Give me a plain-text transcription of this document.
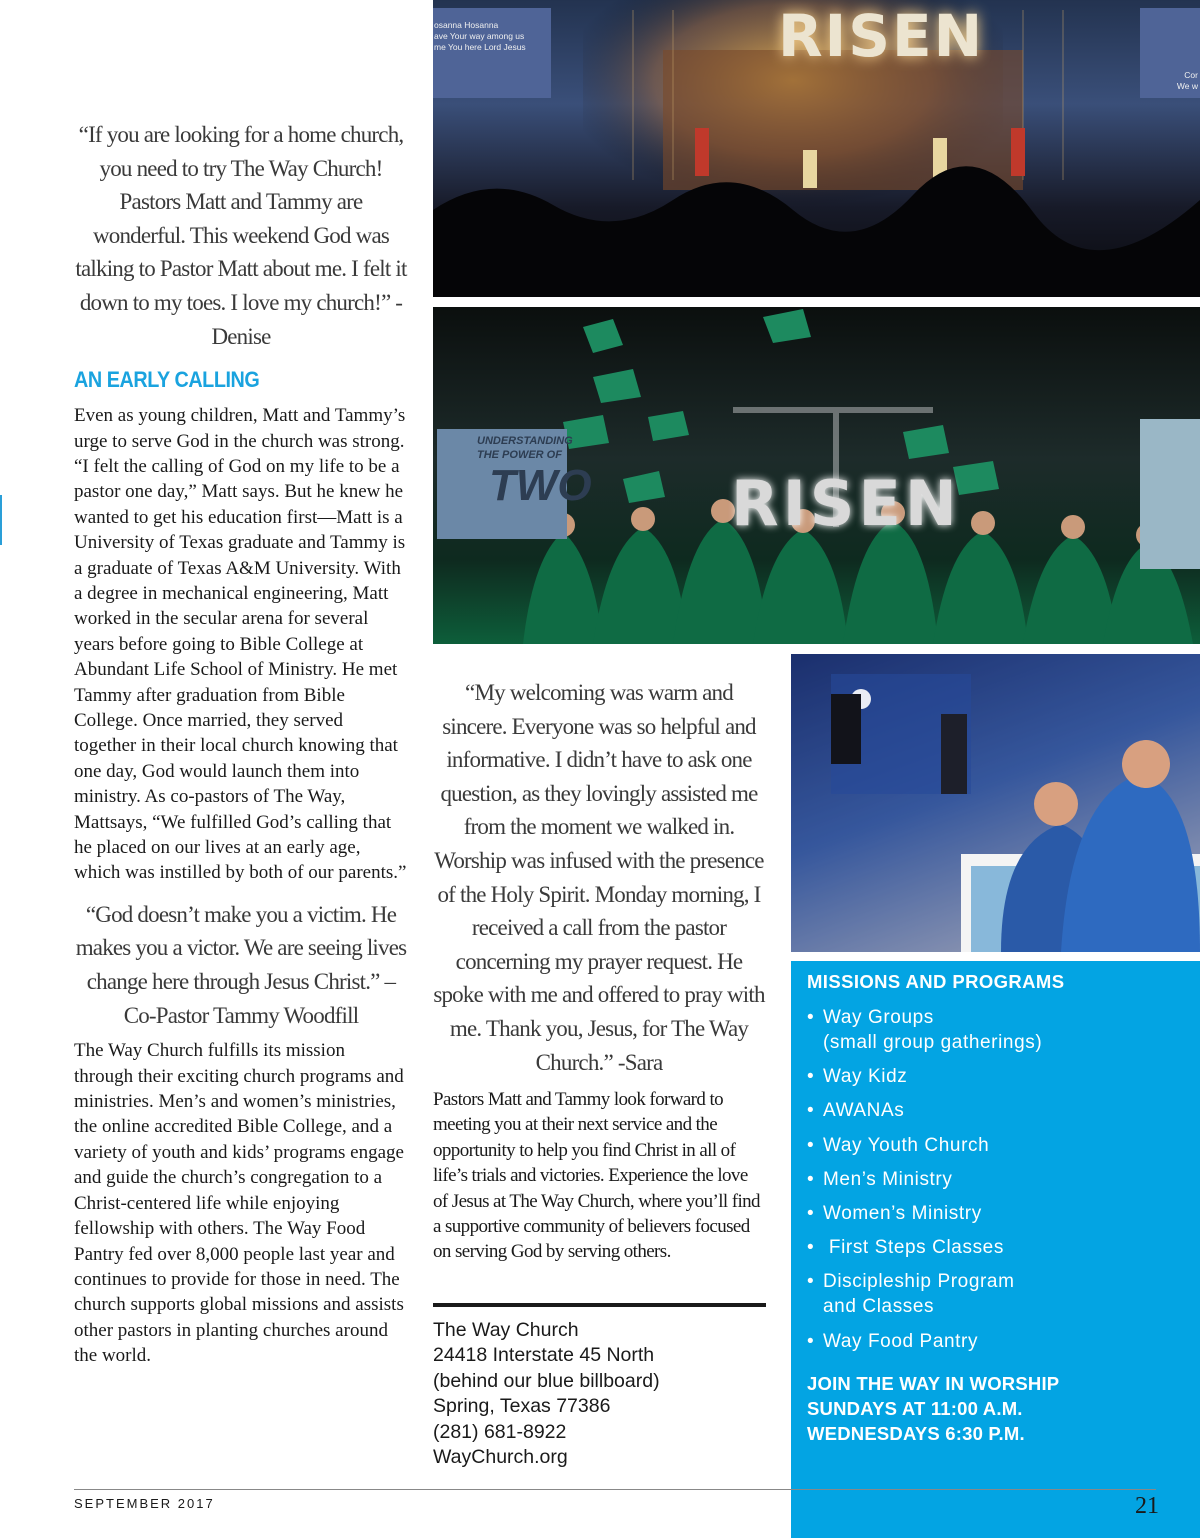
“If you are looking for a home church, you need to try The Way Church! Pastors Matt and Tammy are wonderful. This weekend God was talking to Pastor Matt about me. I felt it down to my toes. I love my church!” - Denise

AN EARLY CALLING

Even as young children, Matt and Tammy’s urge to serve God in the church was strong. “I felt the calling of God on my life to be a pastor one day,” Matt says. But he knew he wanted to get his education first—Matt is a University of Texas graduate and Tammy is a graduate of Texas A&M University. With a degree in mechanical engineering, Matt worked in the secular arena for several years before going to Bible College at Abundant Life School of Ministry. He met Tammy after graduation from Bible College. Once married, they served together in their local church knowing that one day, God would launch them into ministry. As co-pastors of The Way, Mattsays, “We fulfilled God’s calling that he placed on our lives at an early age, which was instilled by both of our parents.”

“God doesn’t make you a victim. He makes you a victor. We are seeing lives change here through Jesus Christ.” – Co-Pastor Tammy Woodfill

The Way Church fulfills its mission through their exciting church programs and ministries. Men’s and women’s ministries, the online accredited Bible College, and a variety of youth and kids’ programs engage and guide the church’s congregation to a Christ-centered life while enjoying fellowship with others. The Way Food Pantry fed over 8,000 people last year and continues to provide for those in need. The church supports global missions and assists other pastors in planting churches around the world.

osanna Hosanna
ave Your way among us
me You here Lord Jesus
Cor
We w
RISEN
UNDERSTANDING
THE POWER OF
TWO RISEN

“My welcoming was warm and sincere. Everyone was so helpful and informative. I didn’t have to ask one question, as they lovingly assisted me from the moment we walked in. Worship was infused with the presence of the Holy Spirit. Monday morning, I received a call from the pastor concerning my prayer request. He spoke with me and offered to pray with me. Thank you, Jesus, for The Way Church.” -Sara

Pastors Matt and Tammy look forward to meeting you at their next service and the opportunity to help you find Christ in all of life’s trials and victories. Experience the love of Jesus at The Way Church, where you’ll find a supportive community of believers focused on serving God by serving others.

The Way Church
24418 Interstate 45 North
(behind our blue billboard)
Spring, Texas 77386
(281) 681-8922
WayChurch.org
MISSIONS AND PROGRAMS
• Way Groups
(small group gatherings)
• Way Kidz
• AWANAs
• Way Youth Church
• Men’s Ministry
• Women’s Ministry
• First Steps Classes
• Discipleship Program
and Classes
• Way Food Pantry
JOIN THE WAY IN WORSHIP
SUNDAYS AT 11:00 A.M.
WEDNESDAYS 6:30 P.M.
21
SEPTEMBER 2017
